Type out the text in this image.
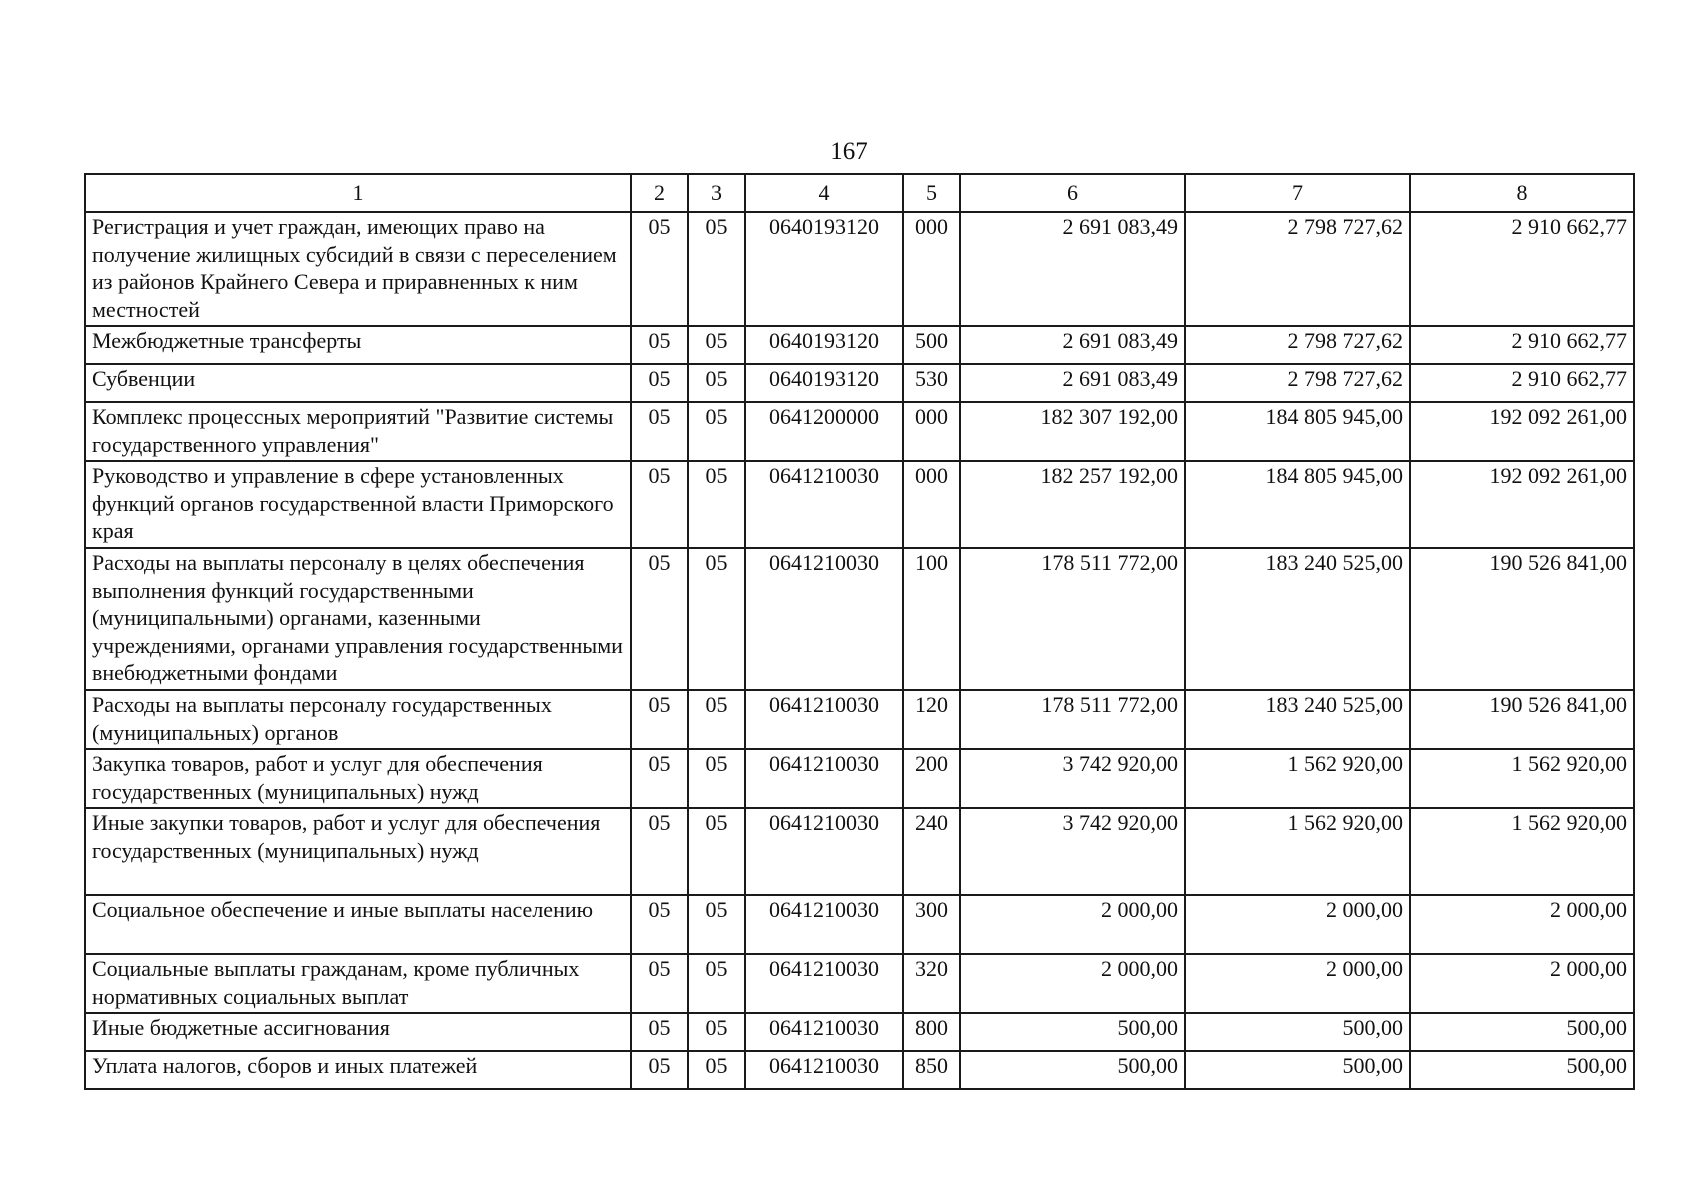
167
1	2	3	4	5	6	7	8
Регистрация и учет граждан, имеющих право на получение жилищных субсидий в связи с переселением из районов Крайнего Севера и приравненных к ним местностей	05	05	0640193120	000	2 691 083,49	2 798 727,62	2 910 662,77
Межбюджетные трансферты	05	05	0640193120	500	2 691 083,49	2 798 727,62	2 910 662,77
Субвенции	05	05	0640193120	530	2 691 083,49	2 798 727,62	2 910 662,77
Комплекс процессных мероприятий "Развитие системы государственного управления"	05	05	0641200000	000	182 307 192,00	184 805 945,00	192 092 261,00
Руководство и управление в сфере установленных функций органов государственной власти Приморского края	05	05	0641210030	000	182 257 192,00	184 805 945,00	192 092 261,00
Расходы на выплаты персоналу в целях обеспечения выполнения функций государственными (муниципальными) органами, казенными учреждениями, органами управления государственными внебюджетными фондами	05	05	0641210030	100	178 511 772,00	183 240 525,00	190 526 841,00
Расходы на выплаты персоналу государственных (муниципальных) органов	05	05	0641210030	120	178 511 772,00	183 240 525,00	190 526 841,00
Закупка товаров, работ и услуг для обеспечения государственных (муниципальных) нужд	05	05	0641210030	200	3 742 920,00	1 562 920,00	1 562 920,00
Иные закупки товаров, работ и услуг для обеспечения государственных (муниципальных) нужд	05	05	0641210030	240	3 742 920,00	1 562 920,00	1 562 920,00
Социальное обеспечение и иные выплаты населению	05	05	0641210030	300	2 000,00	2 000,00	2 000,00
Социальные выплаты гражданам, кроме публичных нормативных социальных выплат	05	05	0641210030	320	2 000,00	2 000,00	2 000,00
Иные бюджетные ассигнования	05	05	0641210030	800	500,00	500,00	500,00
Уплата налогов, сборов и иных платежей	05	05	0641210030	850	500,00	500,00	500,00
